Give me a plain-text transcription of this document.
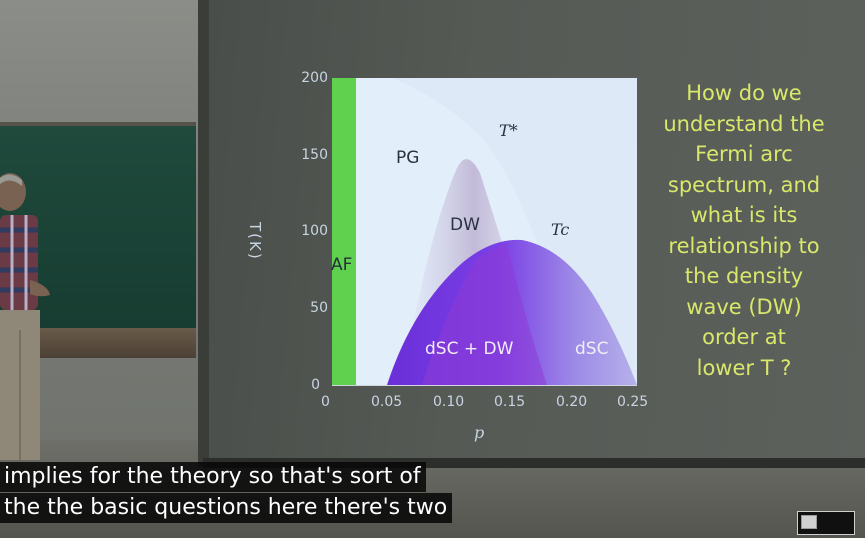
200
150
100
50
0
0	0.05 0.10 0.15 0.20 0.25
T(K)
p
AF
PG
T*
DW	Tc
dSC + DW	dSC
How do we
understand the
Fermi arc
spectrum, and
what is its
relationship to
the density
wave (DW)
order at
lower T ?
implies for the theory so that's sort of
the the basic questions here there's two
